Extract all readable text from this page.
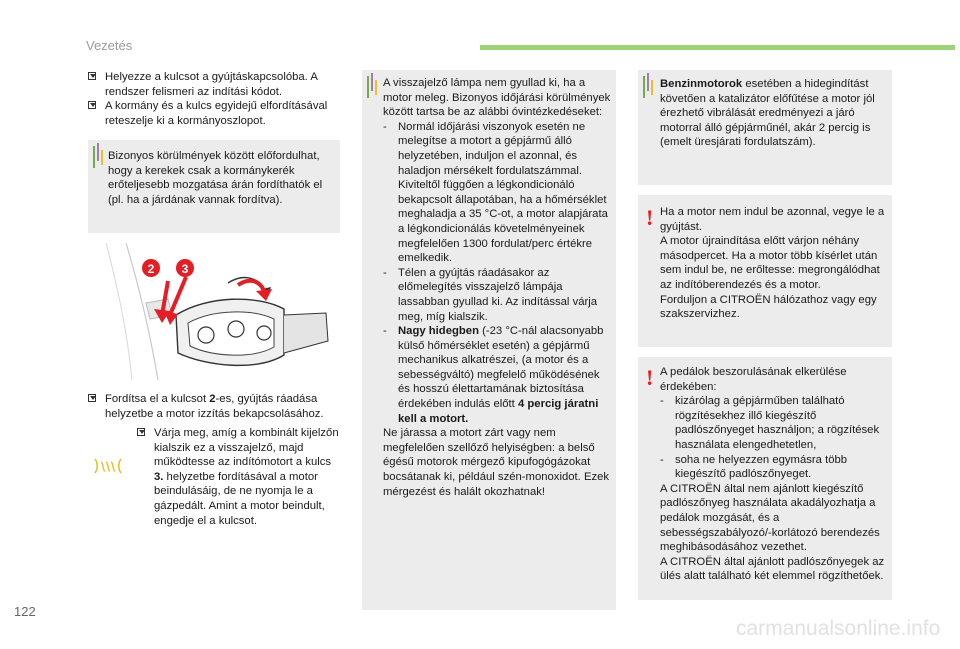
Vezetés
Helyezze a kulcsot a gyújtáskapcsolóba. A rendszer felismeri az indítási kódot.
A kormány és a kulcs egyidejű elfordításával reteszelje ki a kormányoszlopot.
Bizonyos körülmények között előfordulhat, hogy a kerekek csak a kormánykerék erőteljesebb mozgatása árán fordíthatók el (pl. ha a járdának vannak fordítva).
2 3
Fordítsa el a kulcsot 2-es, gyújtás ráadása helyzetbe a motor izzítás bekapcsolásához.
Várja meg, amíg a kombinált kijelzőn kialszik ez a visszajelző, majd működtesse az indítómotort a kulcs 3. helyzetbe fordításával a motor beindulásáig, de ne nyomja le a gázpedált. Amint a motor beindult, engedje el a kulcsot.
A visszajelző lámpa nem gyullad ki, ha a motor meleg. Bizonyos időjárási körülmények között tartsa be az alábbi óvintézkedéseket:
- Normál időjárási viszonyok esetén ne melegítse a motort a gépjármű álló helyzetében, induljon el azonnal, és haladjon mérsékelt fordulatszámmal. Kiviteltől függően a légkondicionáló bekapcsolt állapotában, ha a hőmérséklet meghaladja a 35 °C-ot, a motor alapjárata a légkondicionálás követelményeinek megfelelően 1300 fordulat/perc értékre emelkedik.
- Télen a gyújtás ráadásakor az előmelegítés visszajelző lámpája lassabban gyullad ki. Az indítással várja meg, míg kialszik.
- Nagy hidegben (-23 °C-nál alacsonyabb külső hőmérséklet esetén) a gépjármű mechanikus alkatrészei, (a motor és a sebességváltó) megfelelő működésének és hosszú élettartamának biztosítása érdekében indulás előtt 4 percig járatni kell a motort.
Ne járassa a motort zárt vagy nem megfelelően szellőző helyiségben: a belső égésű motorok mérgező kipufogógázokat bocsátanak ki, például szén-monoxidot. Ezek mérgezést és halált okozhatnak!
Benzinmotorok esetében a hidegindítást követően a katalizátor előfűtése a motor jól érezhető vibrálását eredményezi a járó motorral álló gépjárműnél, akár 2 percig is (emelt üresjárati fordulatszám).
! Ha a motor nem indul be azonnal, vegye le a gyújtást.
A motor újraindítása előtt várjon néhány másodpercet. Ha a motor több kísérlet után sem indul be, ne erőltesse: megrongálódhat az indítóberendezés és a motor.
Forduljon a CITROËN hálózathoz vagy egy szakszervizhez.
! A pedálok beszorulásának elkerülése érdekében:
- kizárólag a gépjárműben található rögzítésekhez illő kiegészítő padlószőnyeget használjon; a rögzítések használata elengedhetetlen,
- soha ne helyezzen egymásra több kiegészítő padlószőnyeget.
A CITROËN által nem ajánlott kiegészítő padlószőnyeg használata akadályozhatja a pedálok mozgását, és a sebességszabályozó/-korlátozó berendezés meghibásodásához vezethet.
A CITROËN által ajánlott padlószőnyegek az ülés alatt található két elemmel rögzíthetőek.
122
carmanualsonline.info
